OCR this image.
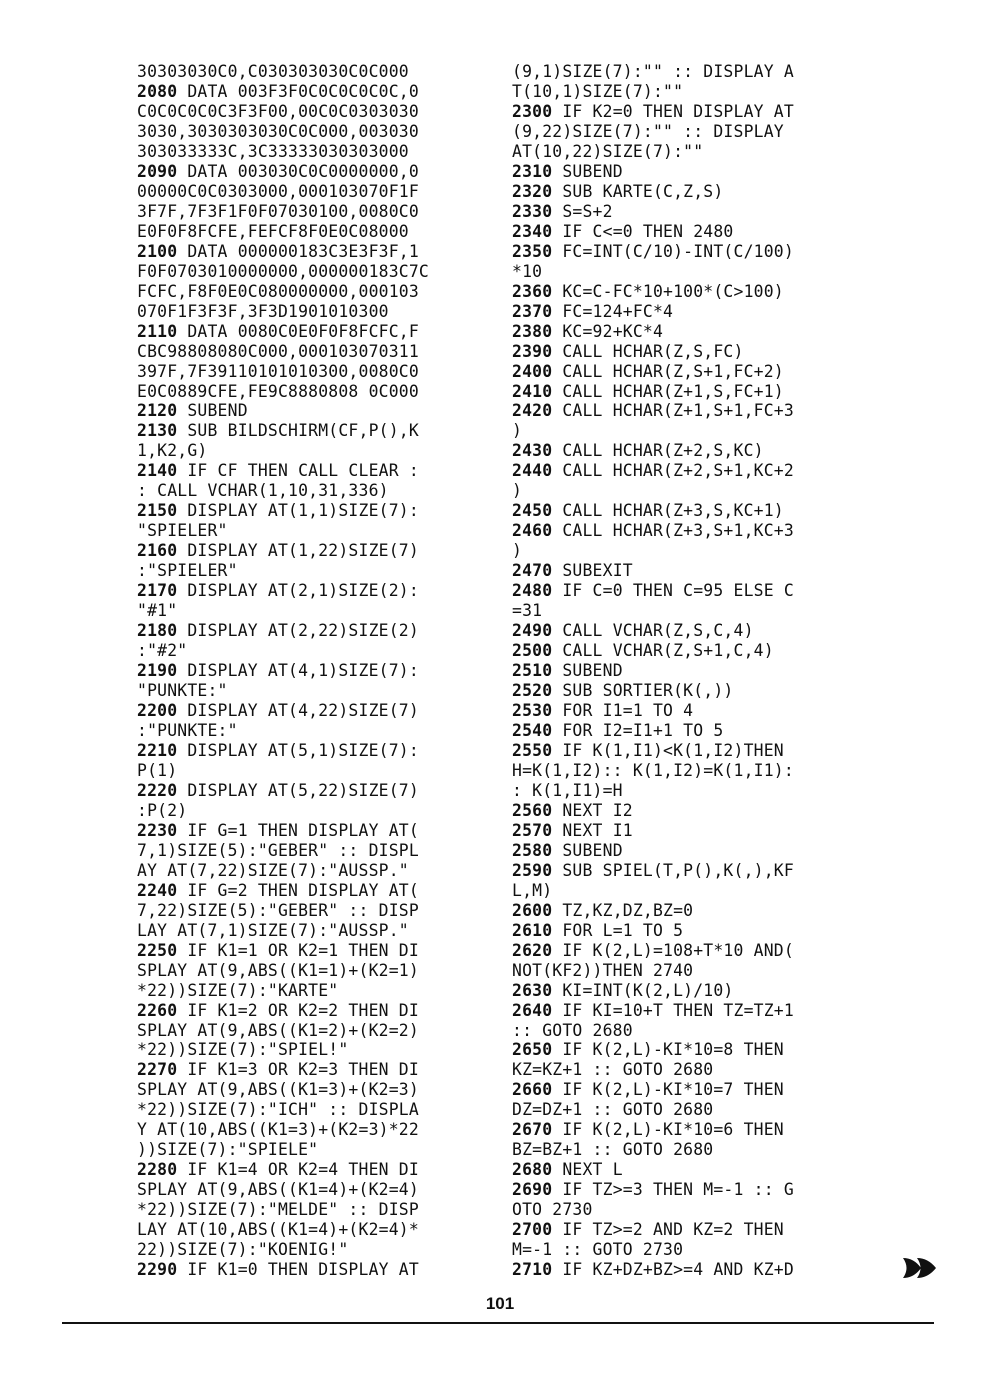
30303030C0,C030303030C0C000
2080 DATA 003F3F0C0C0C0C0C,0
C0C0C0C0C3F3F00,00C0C0303030
3030,3030303030C0C000,003030
303033333C,3C33333030303000
2090 DATA 003030C0C0000000,0
00000C0C0303000,000103070F1F
3F7F,7F3F1F0F07030100,0080C0
E0F0F8FCFE,FEFCF8F0E0C08000
2100 DATA 000000183C3E3F3F,1
F0F0703010000000,000000183C7C
FCFC,F8F0E0C080000000,000103
070F1F3F3F,3F3D1901010300
2110 DATA 0080C0E0F0F8FCFC,F
CBC98808080C000,000103070311
397F,7F39110101010300,0080C0
E0C0889CFE,FE9C8880808 0C000
2120 SUBEND
2130 SUB BILDSCHIRM(CF,P(),K
1,K2,G)
2140 IF CF THEN CALL CLEAR :
: CALL VCHAR(1,10,31,336)
2150 DISPLAY AT(1,1)SIZE(7):
"SPIELER"
2160 DISPLAY AT(1,22)SIZE(7)
:"SPIELER"
2170 DISPLAY AT(2,1)SIZE(2):
"#1"
2180 DISPLAY AT(2,22)SIZE(2)
:"#2"
2190 DISPLAY AT(4,1)SIZE(7):
"PUNKTE:"
2200 DISPLAY AT(4,22)SIZE(7)
:"PUNKTE:"
2210 DISPLAY AT(5,1)SIZE(7):
P(1)
2220 DISPLAY AT(5,22)SIZE(7)
:P(2)
2230 IF G=1 THEN DISPLAY AT(
7,1)SIZE(5):"GEBER" :: DISPL
AY AT(7,22)SIZE(7):"AUSSP."
2240 IF G=2 THEN DISPLAY AT(
7,22)SIZE(5):"GEBER" :: DISP
LAY AT(7,1)SIZE(7):"AUSSP."
2250 IF K1=1 OR K2=1 THEN DI
SPLAY AT(9,ABS((K1=1)+(K2=1)
*22))SIZE(7):"KARTE"
2260 IF K1=2 OR K2=2 THEN DI
SPLAY AT(9,ABS((K1=2)+(K2=2)
*22))SIZE(7):"SPIEL!"
2270 IF K1=3 OR K2=3 THEN DI
SPLAY AT(9,ABS((K1=3)+(K2=3)
*22))SIZE(7):"ICH" :: DISPLA
Y AT(10,ABS((K1=3)+(K2=3)*22
))SIZE(7):"SPIELE"
2280 IF K1=4 OR K2=4 THEN DI
SPLAY AT(9,ABS((K1=4)+(K2=4)
*22))SIZE(7):"MELDE" :: DISP
LAY AT(10,ABS((K1=4)+(K2=4)*
22))SIZE(7):"KOENIG!"
2290 IF K1=0 THEN DISPLAY AT
(9,1)SIZE(7):"" :: DISPLAY A
T(10,1)SIZE(7):""
2300 IF K2=0 THEN DISPLAY AT
(9,22)SIZE(7):"" :: DISPLAY
AT(10,22)SIZE(7):""
2310 SUBEND
2320 SUB KARTE(C,Z,S)
2330 S=S+2
2340 IF C<=0 THEN 2480
2350 FC=INT(C/10)-INT(C/100)
*10
2360 KC=C-FC*10+100*(C>100)
2370 FC=124+FC*4
2380 KC=92+KC*4
2390 CALL HCHAR(Z,S,FC)
2400 CALL HCHAR(Z,S+1,FC+2)
2410 CALL HCHAR(Z+1,S,FC+1)
2420 CALL HCHAR(Z+1,S+1,FC+3
)
2430 CALL HCHAR(Z+2,S,KC)
2440 CALL HCHAR(Z+2,S+1,KC+2
)
2450 CALL HCHAR(Z+3,S,KC+1)
2460 CALL HCHAR(Z+3,S+1,KC+3
)
2470 SUBEXIT
2480 IF C=0 THEN C=95 ELSE C
=31
2490 CALL VCHAR(Z,S,C,4)
2500 CALL VCHAR(Z,S+1,C,4)
2510 SUBEND
2520 SUB SORTIER(K(,))
2530 FOR I1=1 TO 4
2540 FOR I2=I1+1 TO 5
2550 IF K(1,I1)<K(1,I2)THEN
H=K(1,I2):: K(1,I2)=K(1,I1):
: K(1,I1)=H
2560 NEXT I2
2570 NEXT I1
2580 SUBEND
2590 SUB SPIEL(T,P(),K(,),KF
L,M)
2600 TZ,KZ,DZ,BZ=0
2610 FOR L=1 TO 5
2620 IF K(2,L)=108+T*10 AND(
NOT(KF2))THEN 2740
2630 KI=INT(K(2,L)/10)
2640 IF KI=10+T THEN TZ=TZ+1
:: GOTO 2680
2650 IF K(2,L)-KI*10=8 THEN
KZ=KZ+1 :: GOTO 2680
2660 IF K(2,L)-KI*10=7 THEN
DZ=DZ+1 :: GOTO 2680
2670 IF K(2,L)-KI*10=6 THEN
BZ=BZ+1 :: GOTO 2680
2680 NEXT L
2690 IF TZ>=3 THEN M=-1 :: G
OTO 2730
2700 IF TZ>=2 AND KZ=2 THEN
M=-1 :: GOTO 2730
2710 IF KZ+DZ+BZ>=4 AND KZ+D
101
